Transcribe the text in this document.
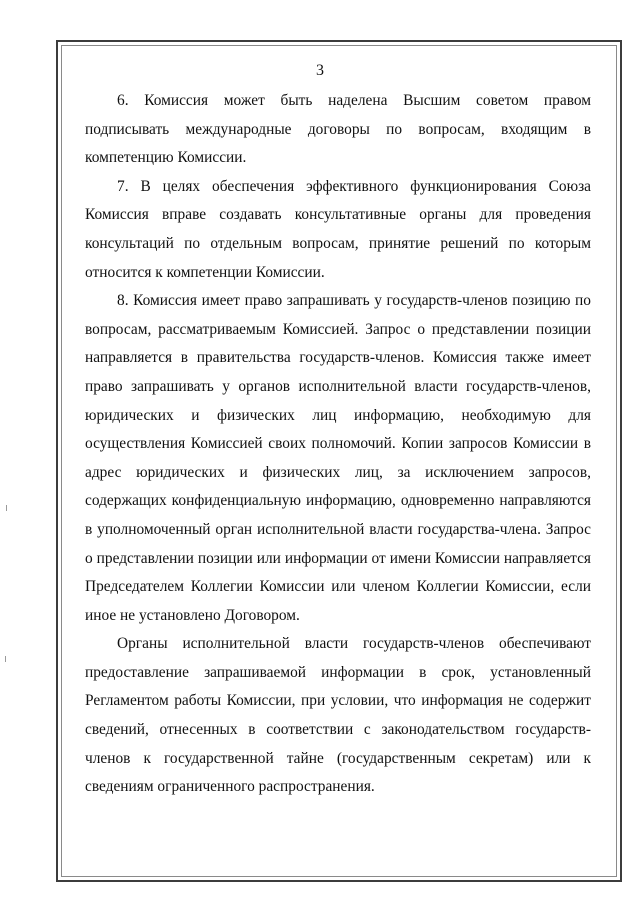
3

6. Комиссия может быть наделена Высшим советом правом подписывать международные договоры по вопросам, входящим в компетенцию Комиссии.

7. В целях обеспечения эффективного функционирования Союза Комиссия вправе создавать консультативные органы для проведения консультаций по отдельным вопросам, принятие решений по которым относится к компетенции Комиссии.

8. Комиссия имеет право запрашивать у государств-членов позицию по вопросам, рассматриваемым Комиссией. Запрос о представлении позиции направляется в правительства государств-членов. Комиссия также имеет право запрашивать у органов исполнительной власти государств-членов, юридических и физических лиц информацию, необходимую для осуществления Комиссией своих полномочий. Копии запросов Комиссии в адрес юридических и физических лиц, за исключением запросов, содержащих конфиденциальную информацию, одновременно направляются в уполномоченный орган исполнительной власти государства-члена. Запрос о представлении позиции или информации от имени Комиссии направляется Председателем Коллегии Комиссии или членом Коллегии Комиссии, если иное не установлено Договором.

Органы исполнительной власти государств-членов обеспечивают предоставление запрашиваемой информации в срок, установленный Регламентом работы Комиссии, при условии, что информация не содержит сведений, отнесенных в соответствии с законодательством государств-членов к государственной тайне (государственным секретам) или к сведениям ограниченного распространения.
